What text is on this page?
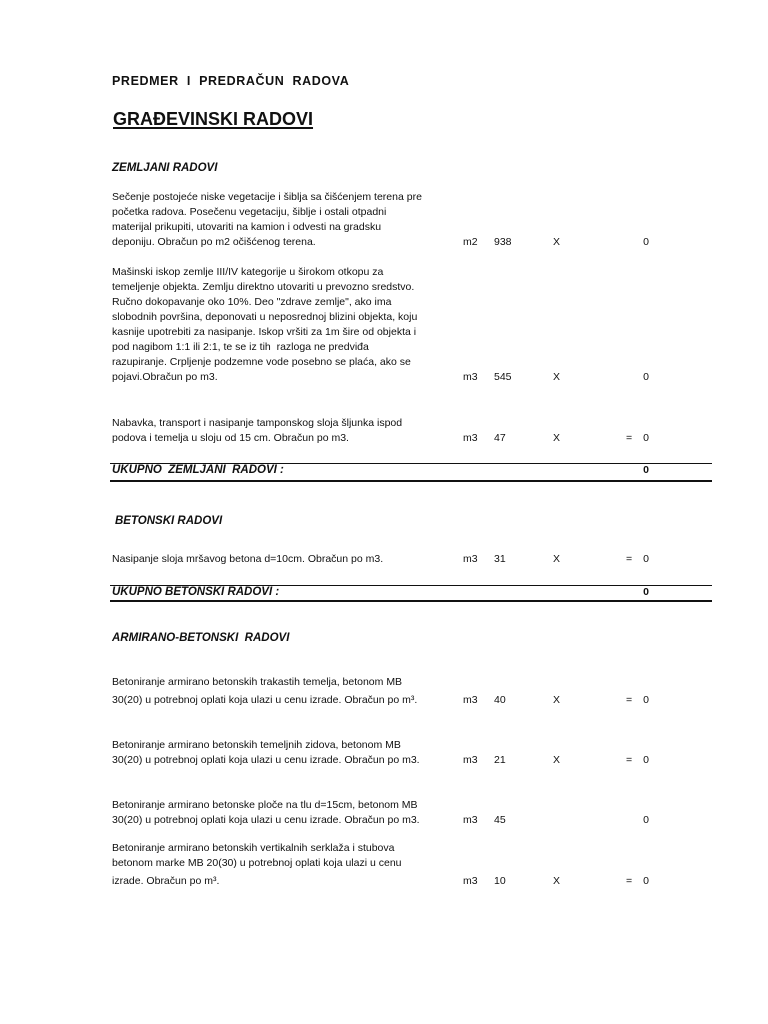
PREDMER  I  PREDRAČUN  RADOVA
GRAĐEVINSKI RADOVI
ZEMLJANI RADOVI
Sečenje postojeće niske vegetacije i šiblja sa čišćenjem terena pre
početka radova. Posečenu vegetaciju, šiblje i ostali otpadni
materijal prikupiti, utovariti na kamion i odvesti na gradsku
deponiju. Obračun po m2 očišćenog terena.	m2 938	X	0
Mašinski iskop zemlje III/IV kategorije u širokom otkopu za
temeljenje objekta. Zemlju direktno utovariti u prevozno sredstvo.
Ručno dokopavanje oko 10%. Deo "zdrave zemlje", ako ima
slobodnih površina, deponovati u neposrednoj blizini objekta, koju
kasnije upotrebiti za nasipanje. Iskop vršiti za 1m šire od objekta i
pod nagibom 1:1 ili 2:1, te se iz tih  razloga ne predviđa
razupiranje. Crpljenje podzemne vode posebno se plaća, ako se
pojavi.Obračun po m3.	m3 545	X	0
Nabavka, transport i nasipanje tamponskog sloja šljunka ispod
podova i temelja u sloju od 15 cm. Obračun po m3.	m3 47	X	=	0
UKUPNO  ZEMLJANI  RADOVI :	0
BETONSKI RADOVI
Nasipanje sloja mršavog betona d=10cm. Obračun po m3.	m3 31	X	=	0
UKUPNO BETONSKI RADOVI :	0
ARMIRANO-BETONSKI  RADOVI
Betoniranje armirano betonskih trakastih temelja, betonom MB
30(20) u potrebnoj oplati koja ulazi u cenu izrade. Obračun po m³.	m3 40	X	=	0
Betoniranje armirano betonskih temeljnih zidova, betonom MB
30(20) u potrebnoj oplati koja ulazi u cenu izrade. Obračun po m3.	m3 21	X	=	0
Betoniranje armirano betonske ploče na tlu d=15cm, betonom MB
30(20) u potrebnoj oplati koja ulazi u cenu izrade. Obračun po m3.	m3 45	0
Betoniranje armirano betonskih vertikalnih serklaža i stubova
betonom marke MB 20(30) u potrebnoj oplati koja ulazi u cenu
izrade. Obračun po m³.	m3 10	X	=	0
